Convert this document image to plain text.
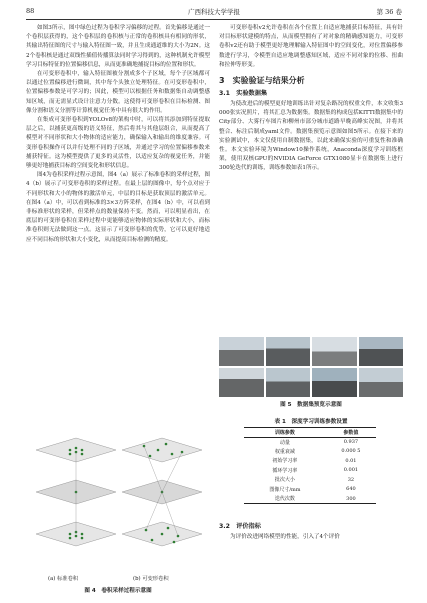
88	广西科技大学学报	第 36 卷

如图3所示，图中绿色过程为卷积学习偏移的过程。首先偏移是通过一个卷积层获得的，这个卷积层的卷积核与正常的卷积核具有相同的形状，其输出特征图的尺寸与输入特征图一致，并且生成通道维的大小为2N。这2个卷积核是通过双线性插值传播算法同时学习得到的，这种机制允许模型学习目标特征的位置偏移信息，从而更准确地捕捉目标的位置和形状。

在可变形卷积中，输入特征图被分割成多个子区域，每个子区域都可以通过位置偏移进行微调，其中每个头独立处理特征。在可变形卷积中，位置偏移参数是可学习的；因此，模型可以根据任务和数据集自动调整感知区域，而无需显式设计注意力分数。这使得可变形卷积在目标检测、图像分割和语义分割等计算机视觉任务中具有很大的作用。

在集成可变形卷积到YOLOv8的架构中时，可以将其添加到特征提取层之后，以捕获更高级的语义特征，然后将其与其他层组合，从而提高了模型对不同形状和大小物体的适应能力，确保输入和输出的维度兼容。可变形卷积操作可以并行处理不同的子区域，并通过学习的位置偏移参数来捕获特征。这为模型提供了更多的灵活性，以适应复杂的视觉任务，并能够更好地捕获目标的空间变化和形状信息。

图4为卷积采样过程示意图，图4（a）展示了标准卷积的采样过程，图4（b）展示了可变形卷积的采样过程。在最上层的图像中，每个点对应于不同形状和大小的物体的激活单元，中层的目标是获取顶层的激活单元。在图4（a）中，可以看到标准的3×3方阵采样，在图4（b）中，可以看到非标准形状的采样，但采样点的数量保持不变。然而，可以明显看出，在底层的可变形卷积在采样过程中更能够适应物体的实际形状和大小，而标准卷积则无法做到这一点。这显示了可变形卷积的优势，它可以更好地适应不同目标的形状和大小变化，从而提高目标检测的精度。

(a) 标准卷积	(b) 可变形卷积
图 4　卷积采样过程示意图

可变形卷积v2允许卷积在各个位置上自适应地捕获目标特征，具有针对目标形状建模的特点，从而模型拥有了对对象的精确感知能力，可变形卷积v2还有助于模型更好地理解输入特征图中的空间变化，对位置偏移参数进行学习，令模型自适应地调整感知区域，适应不同对象的位移、扭曲和拉伸等形变。

3　实验验证与结果分析
3.1　实验数据集

为使改进后的模型更好地训练出针对复杂路况的权重文件，本文收集3 000张实况照片，将其汇总为数据集。数据集的构成包括KITTI数据集中的City部分、大雾行车图片和柳州市部分城市道路早晚高峰实况图，并将其整合、标注后制成yaml文件。数据集预览示意图如图5所示。在接下来的实验测试中，本文仅使用自制数据集，以此来确保实验的可重复性和准确性。本文实验环境为Window10操作系统，Anaconda深度学习训练框架，使用双核GPU的NVIDIA GeForce GTX1080显卡在数据集上进行300轮迭代的训练，训练参数如表1所示。

图 5　数据集预览示意图
表 1　深度学习训练参数设置
训练参数	参数值
动量	0.937
权重衰减	0.000 5
初始学习率	0.01
循环学习率	0.001
批次大小	32
图像尺寸/mm	640
迭代次数	300
3.2　评价指标

为评价改进网络模型的性能，引入了4个评价
